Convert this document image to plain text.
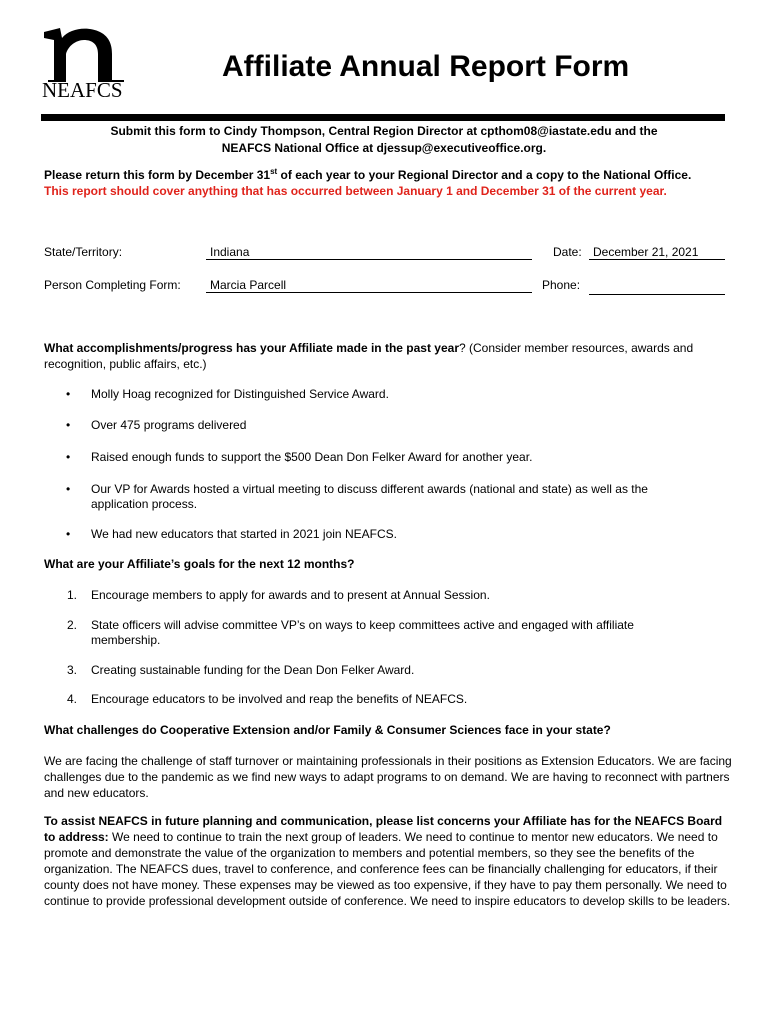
NEAFCS
Affiliate Annual Report Form
Submit this form to Cindy Thompson, Central Region Director at cpthom08@iastate.edu and the
NEAFCS National Office at djessup@executiveoffice.org.
Please return this form by December 31st of each year to your Regional Director and a copy to the National Office.
This report should cover anything that has occurred between January 1 and December 31 of the current year.
State/Territory:	Indiana	Date: December 21, 2021
Person Completing Form:	Marcia Parcell	Phone:
What accomplishments/progress has your Affiliate made in the past year? (Consider member resources, awards and recognition, public affairs, etc.)
• Molly Hoag recognized for Distinguished Service Award.
• Over 475 programs delivered
• Raised enough funds to support the $500 Dean Don Felker Award for another year.
• Our VP for Awards hosted a virtual meeting to discuss different awards (national and state) as well as the application process.
• We had new educators that started in 2021 join NEAFCS.
What are your Affiliate’s goals for the next 12 months?
1. Encourage members to apply for awards and to present at Annual Session.
2. State officers will advise committee VP’s on ways to keep committees active and engaged with affiliate membership.
3. Creating sustainable funding for the Dean Don Felker Award.
4. Encourage educators to be involved and reap the benefits of NEAFCS.
What challenges do Cooperative Extension and/or Family & Consumer Sciences face in your state?
We are facing the challenge of staff turnover or maintaining professionals in their positions as Extension Educators. We are facing challenges due to the pandemic as we find new ways to adapt programs to on demand. We are having to reconnect with partners and new educators.
To assist NEAFCS in future planning and communication, please list concerns your Affiliate has for the NEAFCS Board to address: We need to continue to train the next group of leaders. We need to continue to mentor new educators. We need to promote and demonstrate the value of the organization to members and potential members, so they see the benefits of the organization. The NEAFCS dues, travel to conference, and conference fees can be financially challenging for educators, if their county does not have money. These expenses may be viewed as too expensive, if they have to pay them personally. We need to continue to provide professional development outside of conference. We need to inspire educators to develop skills to be leaders.
